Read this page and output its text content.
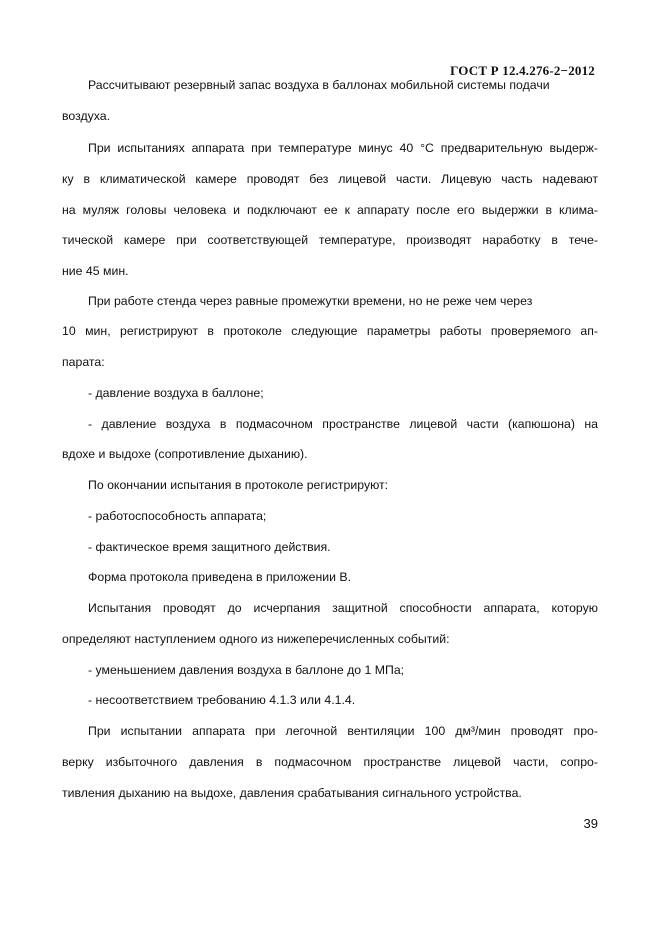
ГОСТ Р 12.4.276-2−2012
Рассчитывают резервный запас воздуха в баллонах мобильной системы подачи
воздуха.
При испытаниях аппарата при температуре минус 40 °С предварительную выдерж-
ку в климатической камере проводят без лицевой части. Лицевую часть надевают
на муляж головы человека и подключают ее к аппарату после его выдержки в клима-
тической камере при соответствующей температуре, производят наработку в тече-
ние 45 мин.
При работе стенда через равные промежутки времени, но не реже чем через
10 мин, регистрируют в протоколе следующие параметры работы проверяемого ап-
парата:
- давление воздуха в баллоне;
- давление воздуха в подмасочном пространстве лицевой части (капюшона) на
вдохе и выдохе (сопротивление дыханию).
По окончании испытания в протоколе регистрируют:
- работоспособность аппарата;
- фактическое время защитного действия.
Форма протокола приведена в приложении В.
Испытания проводят до исчерпания защитной способности аппарата, которую
определяют наступлением одного из нижеперечисленных событий:
- уменьшением давления воздуха в баллоне до 1 МПа;
- несоответствием требованию 4.1.3 или 4.1.4.
При испытании аппарата при легочной вентиляции 100 дм³/мин проводят про-
верку избыточного давления в подмасочном пространстве лицевой части, сопро-
тивления дыханию на выдохе, давления срабатывания сигнального устройства.
39
